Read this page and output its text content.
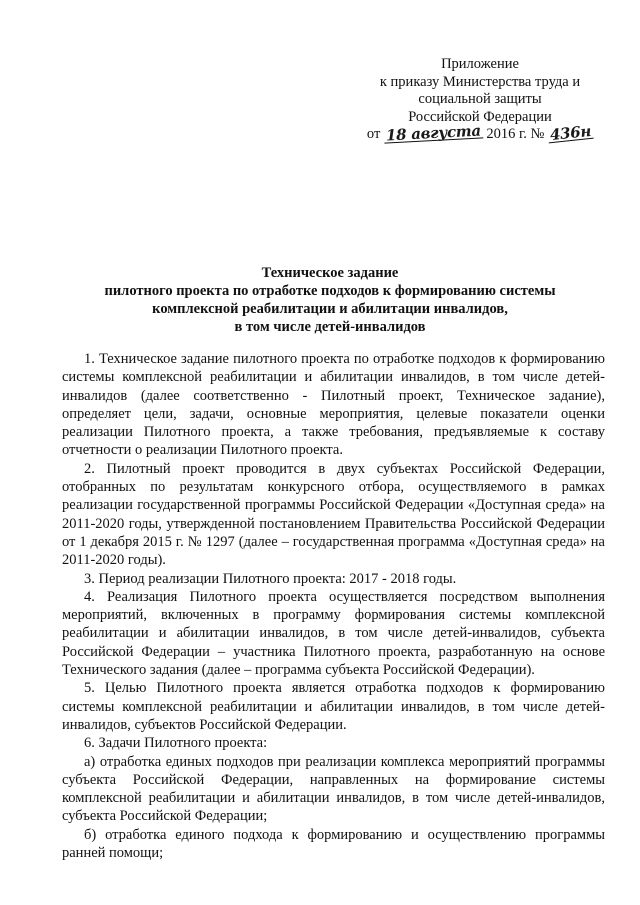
Приложение
к приказу Министерства труда и
социальной защиты
Российской Федерации
от 18 августа 2016 г. № 436н
Техническое задание
пилотного проекта по отработке подходов к формированию системы
комплексной реабилитации и абилитации инвалидов,
в том числе детей-инвалидов

1. Техническое задание пилотного проекта по отработке подходов к формированию системы комплексной реабилитации и абилитации инвалидов, в том числе детей-инвалидов (далее соответственно - Пилотный проект, Техническое задание), определяет цели, задачи, основные мероприятия, целевые показатели оценки реализации Пилотного проекта, а также требования, предъявляемые к составу отчетности о реализации Пилотного проекта.

2. Пилотный проект проводится в двух субъектах Российской Федерации, отобранных по результатам конкурсного отбора, осуществляемого в рамках реализации государственной программы Российской Федерации «Доступная среда» на 2011-2020 годы, утвержденной постановлением Правительства Российской Федерации от 1 декабря 2015 г. № 1297 (далее – государственная программа «Доступная среда» на 2011-2020 годы).

3. Период реализации Пилотного проекта: 2017 - 2018 годы.

4. Реализация Пилотного проекта осуществляется посредством выполнения мероприятий, включенных в программу формирования системы комплексной реабилитации и абилитации инвалидов, в том числе детей-инвалидов, субъекта Российской Федерации – участника Пилотного проекта, разработанную на основе Технического задания (далее – программа субъекта Российской Федерации).

5. Целью Пилотного проекта является отработка подходов к формированию системы комплексной реабилитации и абилитации инвалидов, в том числе детей-инвалидов, субъектов Российской Федерации.

6. Задачи Пилотного проекта:

а) отработка единых подходов при реализации комплекса мероприятий программы субъекта Российской Федерации, направленных на формирование системы комплексной реабилитации и абилитации инвалидов, в том числе детей-инвалидов, субъекта Российской Федерации;

б) отработка единого подхода к формированию и осуществлению программы ранней помощи;
